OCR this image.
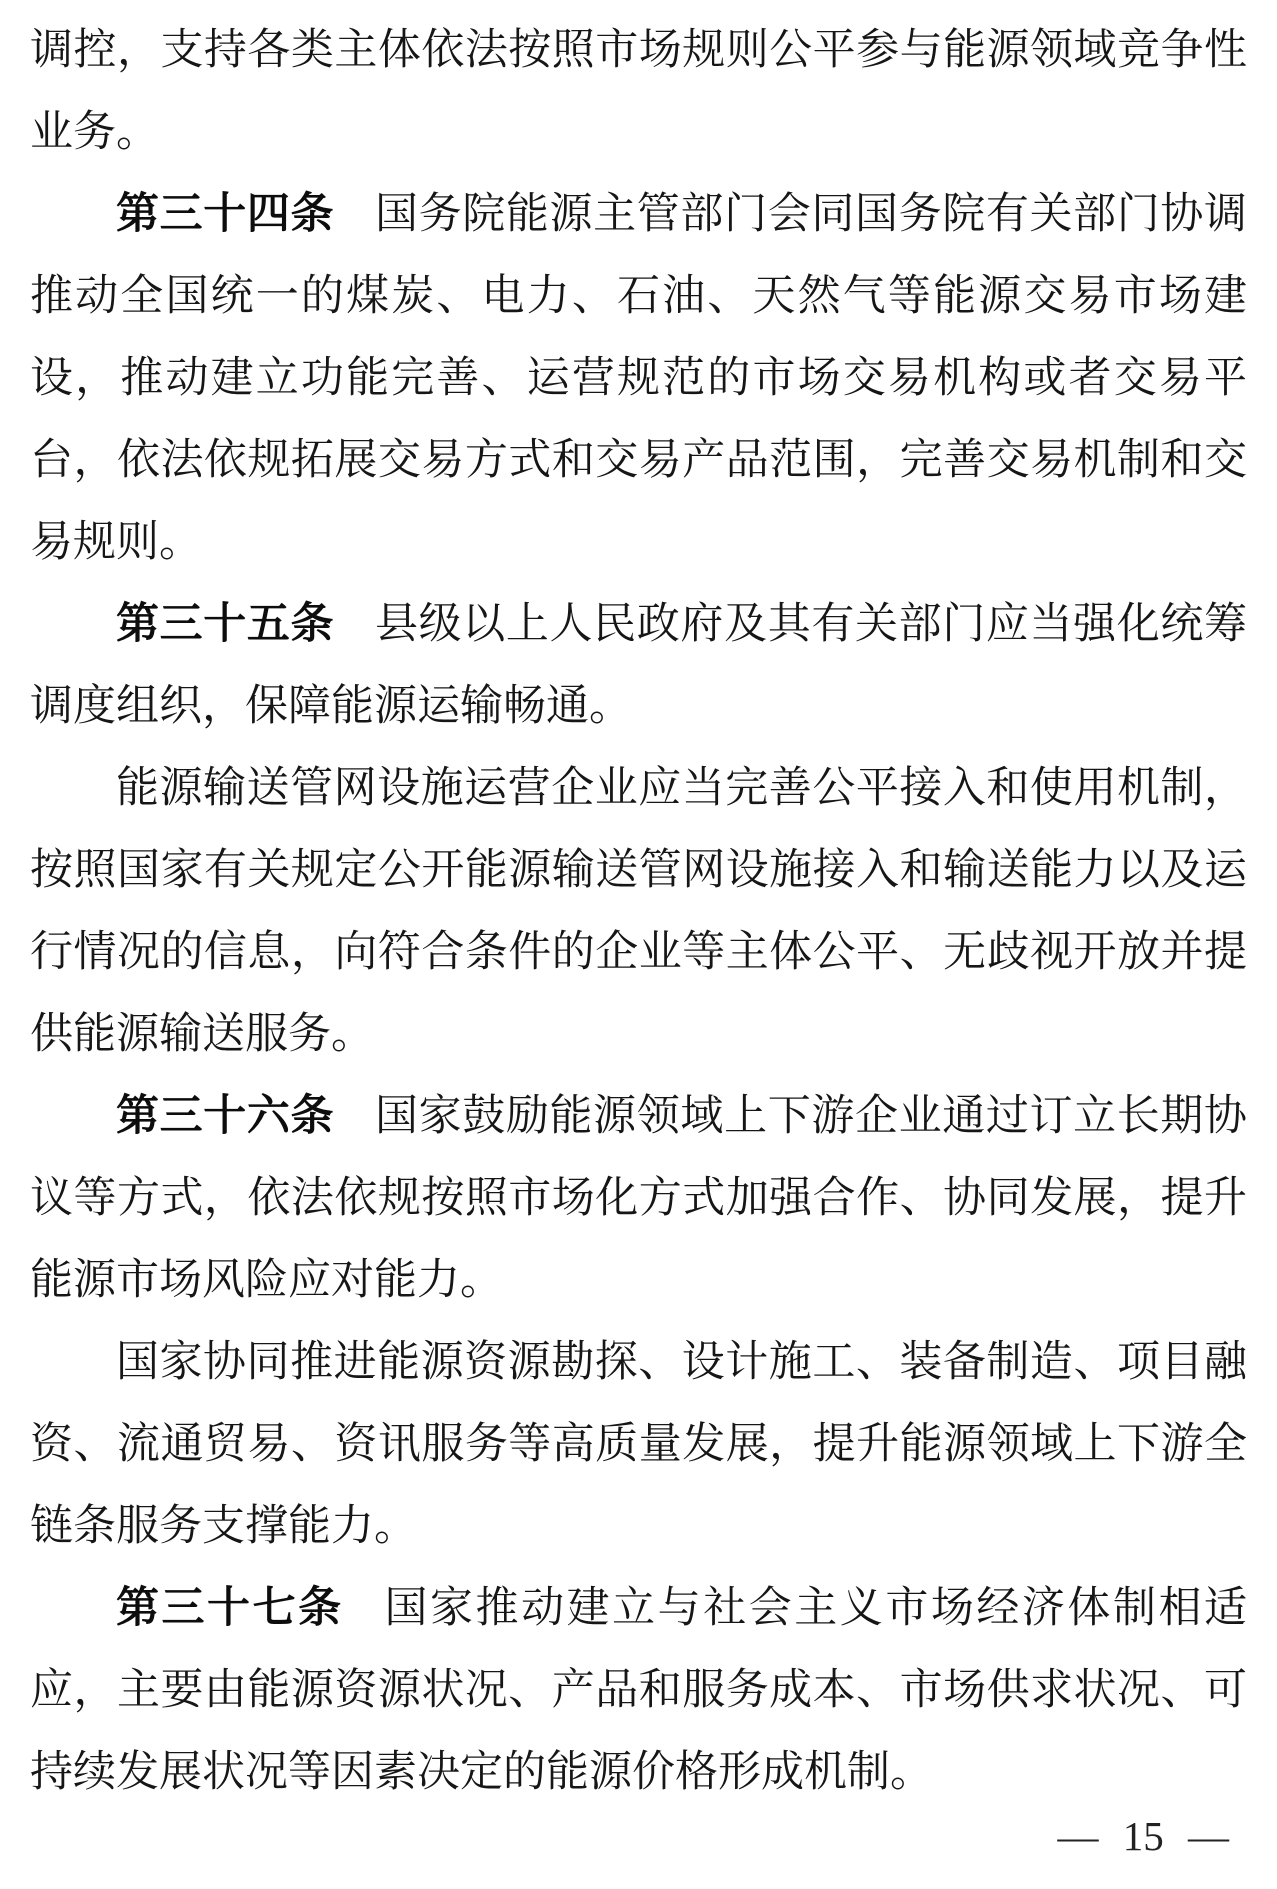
调控，支持各类主体依法按照市场规则公平参与能源领域竞争性业务。

第三十四条 国务院能源主管部门会同国务院有关部门协调推动全国统一的煤炭、电力、石油、天然气等能源交易市场建设，推动建立功能完善、运营规范的市场交易机构或者交易平台，依法依规拓展交易方式和交易产品范围，完善交易机制和交易规则。

第三十五条 县级以上人民政府及其有关部门应当强化统筹调度组织，保障能源运输畅通。

能源输送管网设施运营企业应当完善公平接入和使用机制，按照国家有关规定公开能源输送管网设施接入和输送能力以及运行情况的信息，向符合条件的企业等主体公平、无歧视开放并提供能源输送服务。

第三十六条 国家鼓励能源领域上下游企业通过订立长期协议等方式，依法依规按照市场化方式加强合作、协同发展，提升能源市场风险应对能力。

国家协同推进能源资源勘探、设计施工、装备制造、项目融资、流通贸易、资讯服务等高质量发展，提升能源领域上下游全链条服务支撑能力。

第三十七条 国家推动建立与社会主义市场经济体制相适应，主要由能源资源状况、产品和服务成本、市场供求状况、可持续发展状况等因素决定的能源价格形成机制。

— 15 —
